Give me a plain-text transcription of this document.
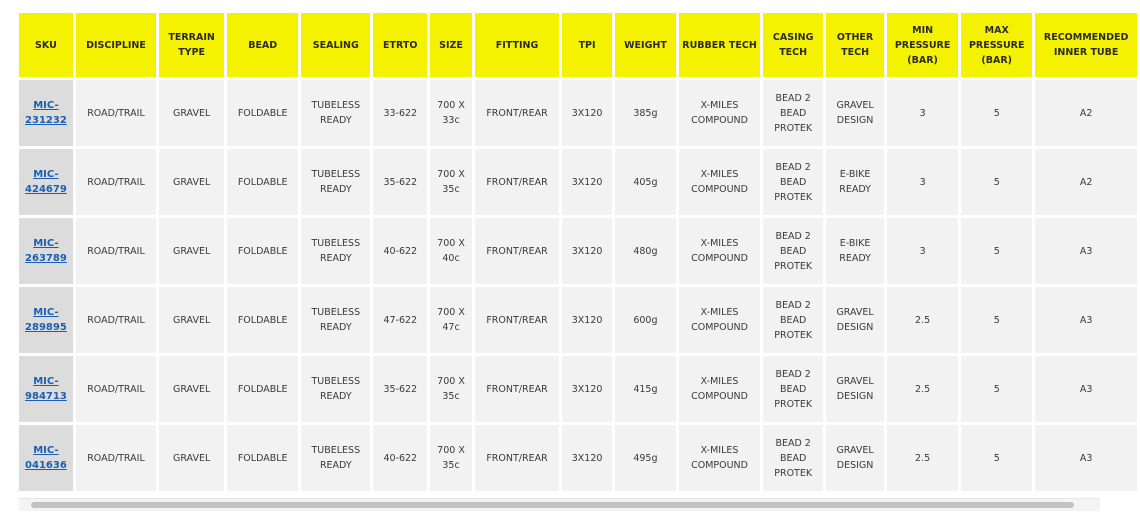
SKU	DISCIPLINE	TERRAIN TYPE	BEAD	SEALING	ETRTO	SIZE	FITTING	TPI	WEIGHT	RUBBER TECH	CASING TECH	OTHER TECH	MIN PRESSURE (BAR)	MAX PRESSURE (BAR)	RECOMMENDED INNER TUBE
MIC-231232	ROAD/TRAIL	GRAVEL	FOLDABLE	TUBELESS READY	33-622	700 X 33c	FRONT/REAR	3X120	385g	X-MILES COMPOUND	BEAD 2 BEAD PROTEK	GRAVEL DESIGN	3	5	A2
MIC-424679	ROAD/TRAIL	GRAVEL	FOLDABLE	TUBELESS READY	35-622	700 X 35c	FRONT/REAR	3X120	405g	X-MILES COMPOUND	BEAD 2 BEAD PROTEK	E-BIKE READY	3	5	A2
MIC-263789	ROAD/TRAIL	GRAVEL	FOLDABLE	TUBELESS READY	40-622	700 X 40c	FRONT/REAR	3X120	480g	X-MILES COMPOUND	BEAD 2 BEAD PROTEK	E-BIKE READY	3	5	A3
MIC-289895	ROAD/TRAIL	GRAVEL	FOLDABLE	TUBELESS READY	47-622	700 X 47c	FRONT/REAR	3X120	600g	X-MILES COMPOUND	BEAD 2 BEAD PROTEK	GRAVEL DESIGN	2.5	5	A3
MIC-984713	ROAD/TRAIL	GRAVEL	FOLDABLE	TUBELESS READY	35-622	700 X 35c	FRONT/REAR	3X120	415g	X-MILES COMPOUND	BEAD 2 BEAD PROTEK	GRAVEL DESIGN	2.5	5	A3
MIC-041636	ROAD/TRAIL	GRAVEL	FOLDABLE	TUBELESS READY	40-622	700 X 35c	FRONT/REAR	3X120	495g	X-MILES COMPOUND	BEAD 2 BEAD PROTEK	GRAVEL DESIGN	2.5	5	A3
